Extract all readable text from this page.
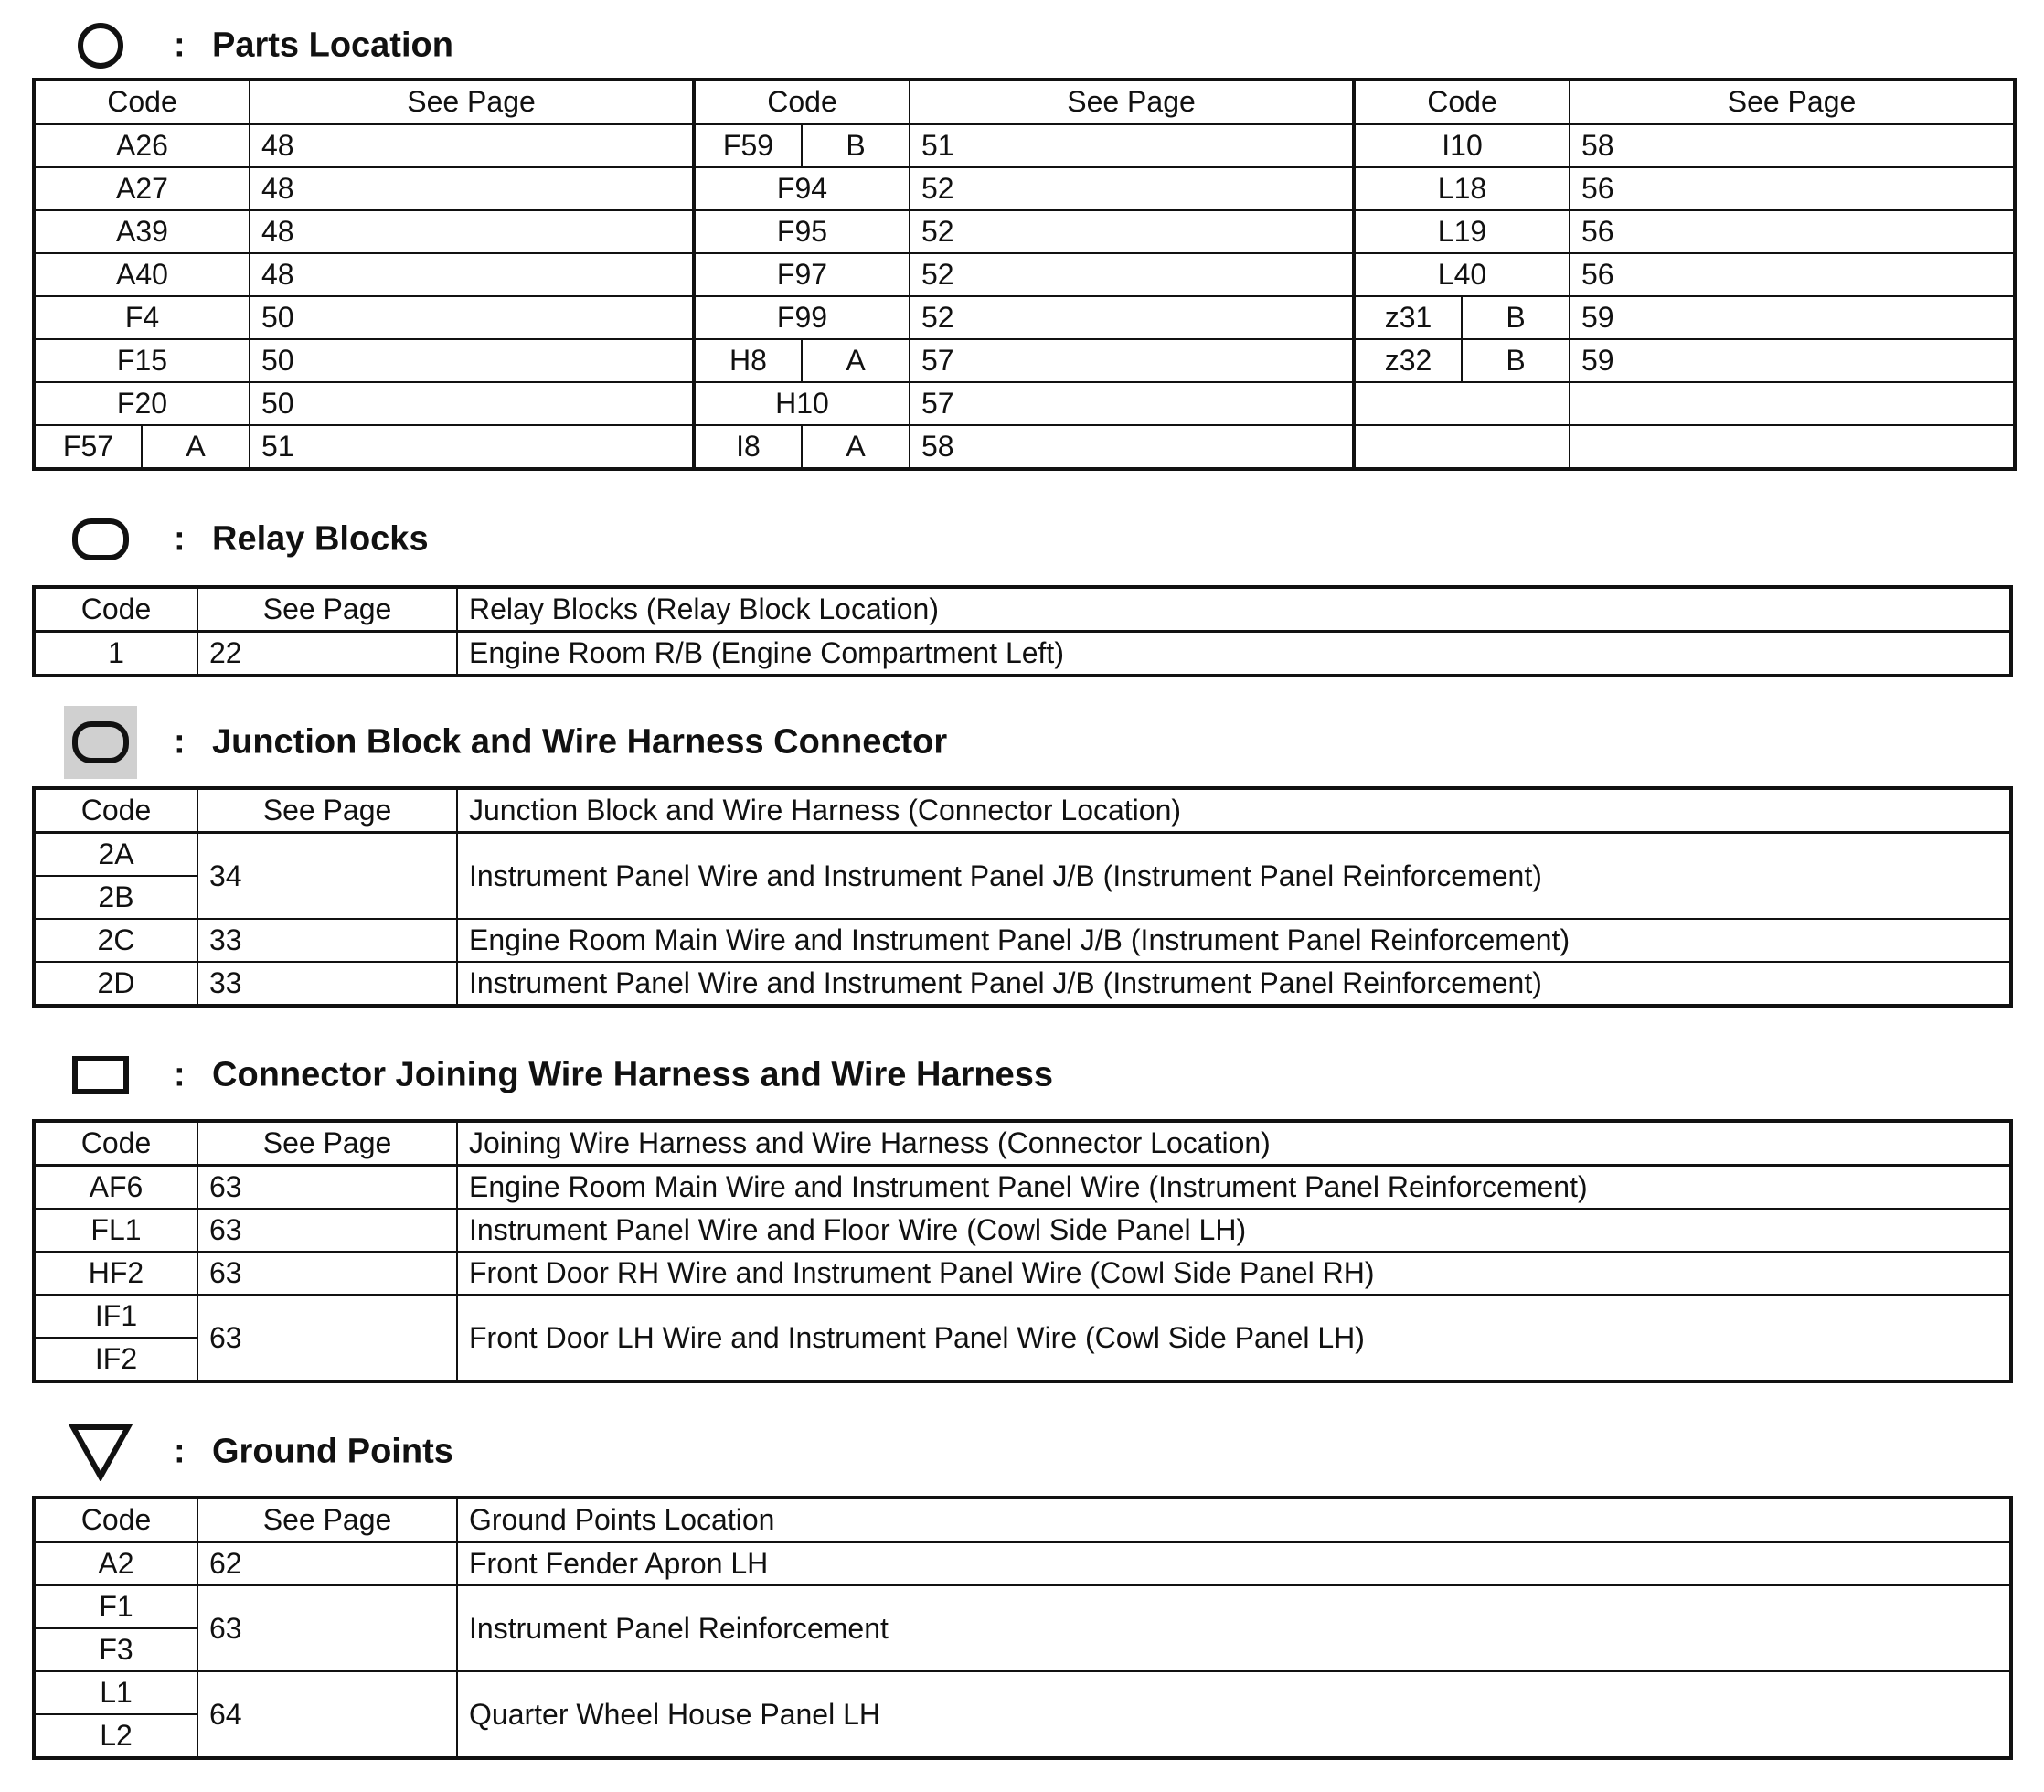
: Parts Location
Code		See Page	Code		See Page	Code		See Page
A26		48	F59	B	51	I10		58
A27		48	F94		52	L18		56
A39		48	F95		52	L19		56
A40		48	F97		52	L40		56
F4		50	F99		52	z31	B	59
F15		50	H8	A	57	z32	B	59
F20		50	H10		57			
F57	A	51	I8	A	58			
: Relay Blocks
Code	See Page	Relay Blocks (Relay Block Location)
1	22	Engine Room R/B (Engine Compartment Left)
: Junction Block and Wire Harness Connector
Code	See Page	Junction Block and Wire Harness (Connector Location)
2A	34	Instrument Panel Wire and Instrument Panel J/B (Instrument Panel Reinforcement)
2B		
2C	33	Engine Room Main Wire and Instrument Panel J/B (Instrument Panel Reinforcement)
2D	33	Instrument Panel Wire and Instrument Panel J/B (Instrument Panel Reinforcement)
: Connector Joining Wire Harness and Wire Harness
Code	See Page	Joining Wire Harness and Wire Harness (Connector Location)
AF6	63	Engine Room Main Wire and Instrument Panel Wire (Instrument Panel Reinforcement)
FL1	63	Instrument Panel Wire and Floor Wire (Cowl Side Panel LH)
HF2	63	Front Door RH Wire and Instrument Panel Wire (Cowl Side Panel RH)
IF1	63	Front Door LH Wire and Instrument Panel Wire (Cowl Side Panel LH)
IF2		
: Ground Points
Code	See Page	Ground Points Location
A2	62	Front Fender Apron LH
F1	63	Instrument Panel Reinforcement
F3		
L1	64	Quarter Wheel House Panel LH
L2		
